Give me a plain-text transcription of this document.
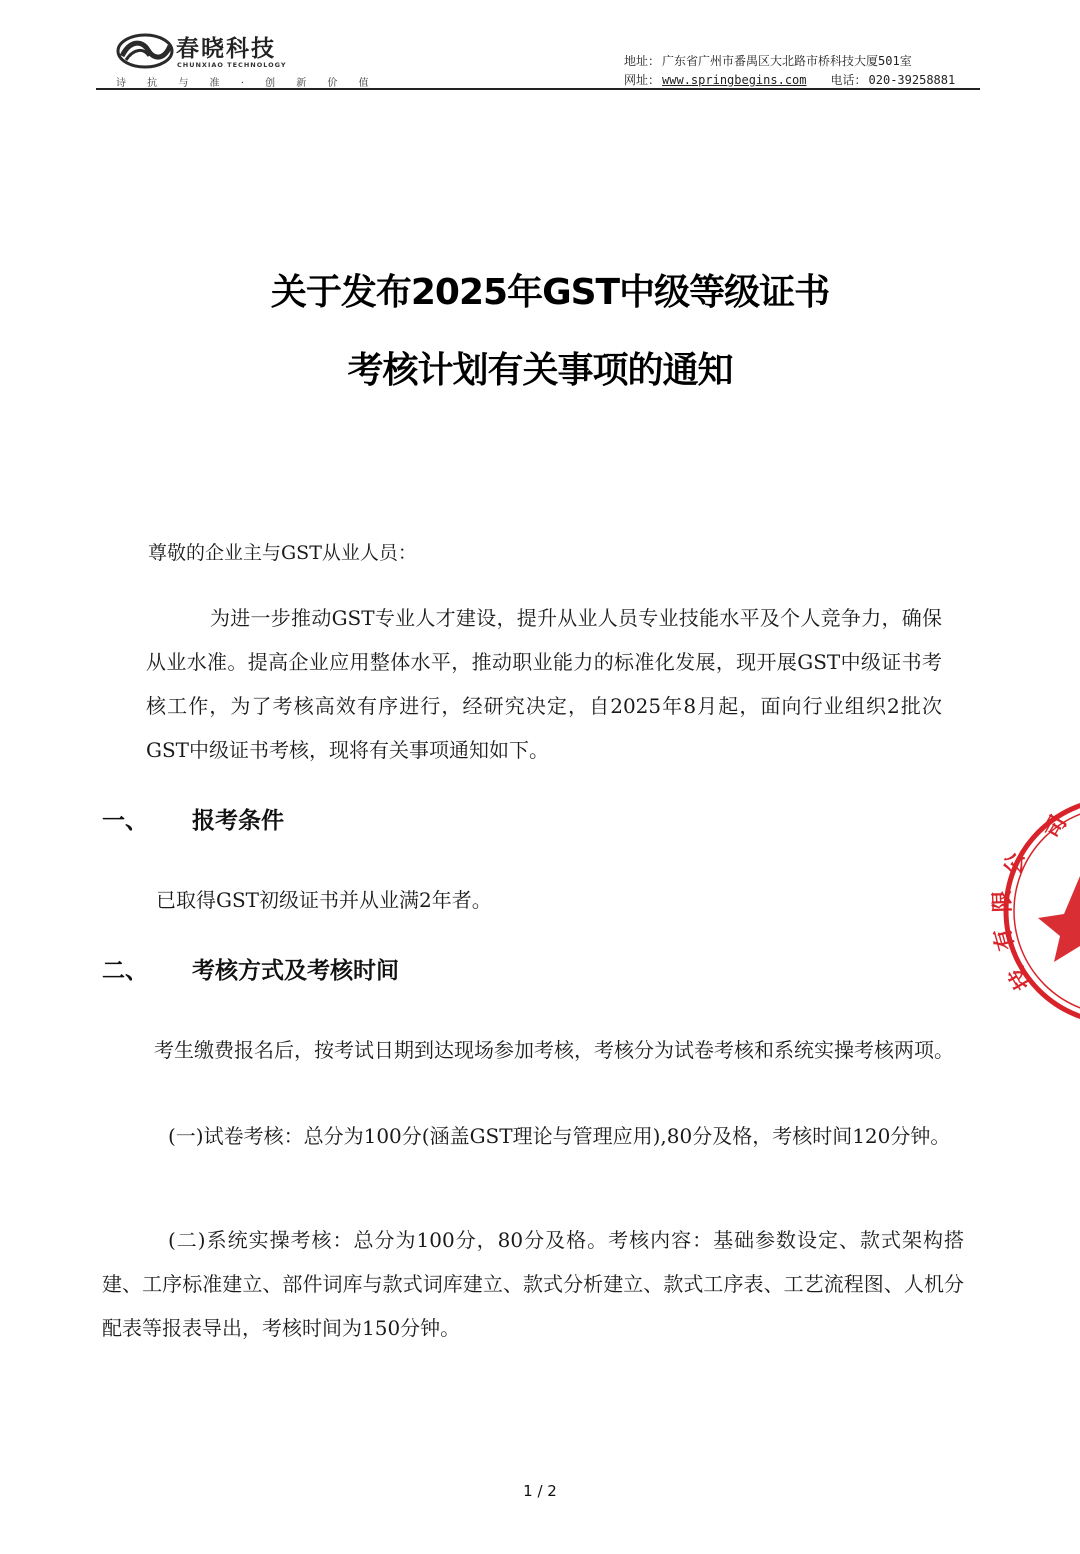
春晓科技
CHUNXIAO TECHNOLOGY
诗 抗 与 准 · 创 新 价 值
地址： 广东省广州市番禺区大北路市桥科技大厦501室
网址： www.springbegins.com 电话： 020-39258881
关于发布2025年GST中级等级证书
考核计划有关事项的通知
尊敬的企业主与GST从业人员：
为进一步推动GST专业人才建设，提升从业人员专业技能水平及个人竞争力，确保从业水准。提高企业应用整体水平，推动职业能力的标准化发展，现开展GST中级证书考核工作，为了考核高效有序进行，经研究决定，自2025年8月起，面向行业组织2批次GST中级证书考核，现将有关事项通知如下。
一、 报考条件
已取得GST初级证书并从业满2年者。
二、 考核方式及考核时间
考生缴费报名后，按考试日期到达现场参加考核，考核分为试卷考核和系统实操考核两项。
(一)试卷考核：总分为100分(涵盖GST理论与管理应用),80分及格，考核时间120分钟。
(二)系统实操考核：总分为100分，80分及格。考核内容：基础参数设定、款式架构搭建、工序标准建立、部件词库与款式词库建立、款式分析建立、款式工序表、工艺流程图、人机分配表等报表导出，考核时间为150分钟。
司
公
限
有
技
1 / 2
